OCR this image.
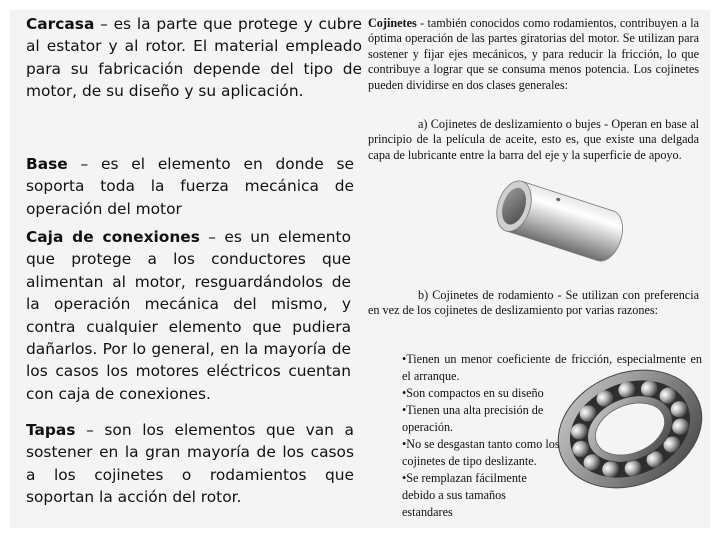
Carcasa – es la parte que protege y cubre al estator y al rotor. El material empleado para su fabricación depende del tipo de motor, de su diseño y su aplicación.
Base – es el elemento en donde se soporta toda la fuerza mecánica de operación del motor
Caja de conexiones – es un elemento que protege a los conductores que alimentan al motor, resguardándolos de la operación mecánica del mismo, y contra cualquier elemento que pudiera dañarlos. Por lo general, en la mayoría de los casos los motores eléctricos cuentan con caja de conexiones.
Tapas – son los elementos que van a sostener en la gran mayoría de los casos a los cojinetes o rodamientos que soportan la acción del rotor.
Cojinetes - también conocidos como rodamientos, contribuyen a la óptima operación de las partes giratorias del motor. Se utilizan para sostener y fijar ejes mecánicos, y para reducir la fricción, lo que contribuye a lograr que se consuma menos potencia. Los cojinetes pueden dividirse en dos clases generales:
a) Cojinetes de deslizamiento o bujes - Operan en base al principio de la película de aceite, esto es, que existe una delgada capa de lubricante entre la barra del eje y la superficie de apoyo.
b) Cojinetes de rodamiento - Se utilizan con preferencia en vez de los cojinetes de deslizamiento por varias razones:
•Tienen un menor coeficiente de fricción, especialmente en el arranque.
•Son compactos en su diseño
•Tienen una alta precisión de operación.
•No se desgastan tanto como los cojinetes de tipo deslizante.
•Se remplazan fácilmente debido a sus tamaños estandares
